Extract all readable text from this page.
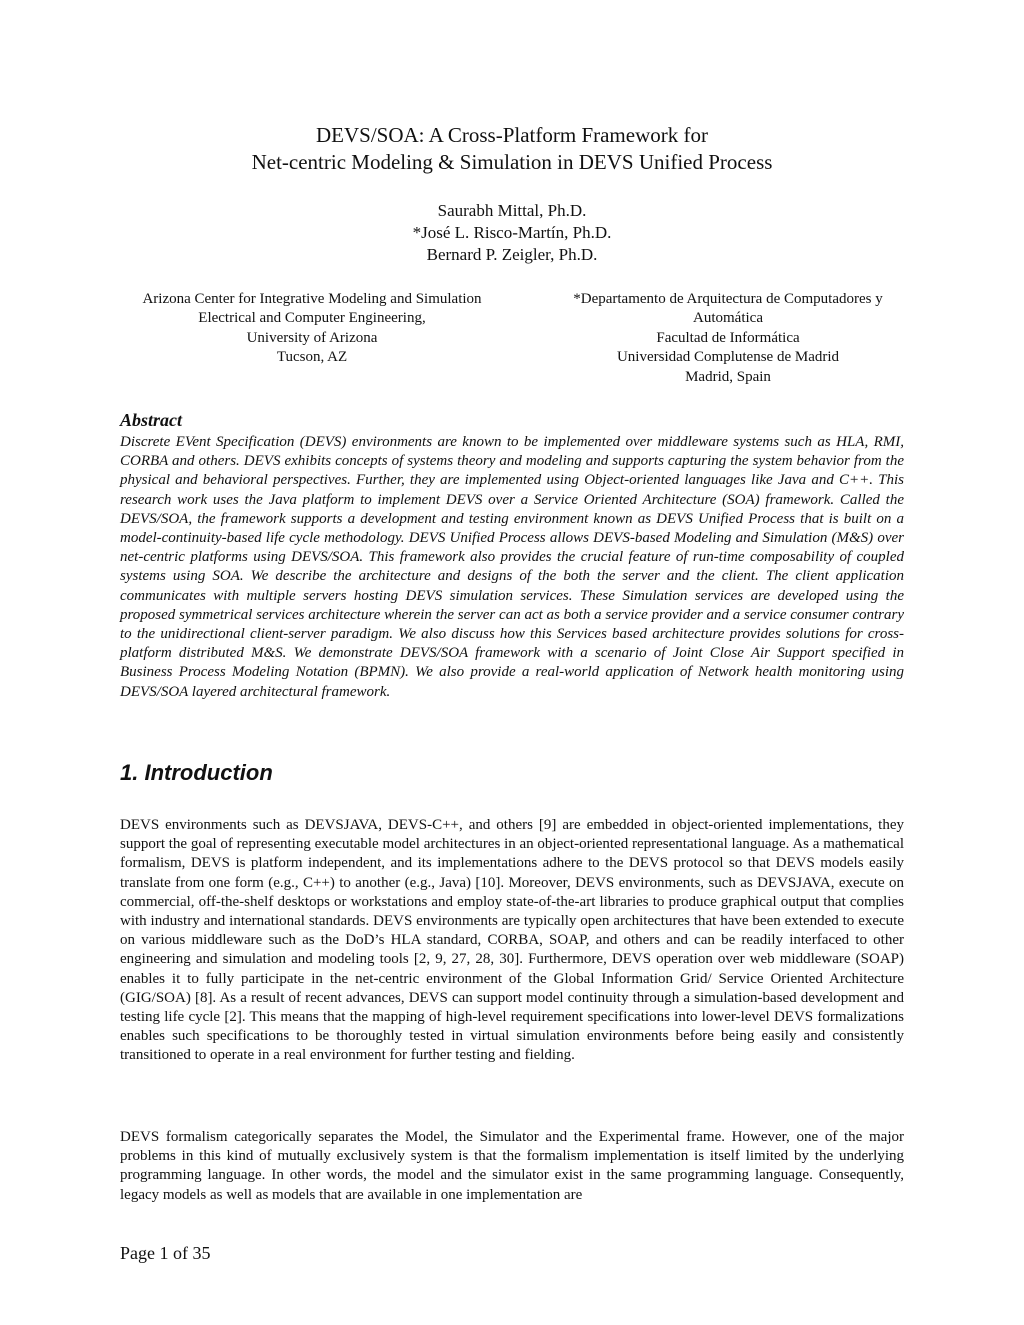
DEVS/SOA: A Cross-Platform Framework for
Net-centric Modeling & Simulation in DEVS Unified Process
Saurabh Mittal, Ph.D.
*José L. Risco-Martín, Ph.D.
Bernard P. Zeigler, Ph.D.
Arizona Center for Integrative Modeling and Simulation
Electrical and Computer Engineering,
University of Arizona
Tucson, AZ
*Departamento de Arquitectura de Computadores y
Automática
Facultad de Informática
Universidad Complutense de Madrid
Madrid, Spain
Abstract
Discrete EVent Specification (DEVS) environments are known to be implemented over middleware systems such as HLA, RMI, CORBA and others. DEVS exhibits concepts of systems theory and modeling and supports capturing the system behavior from the physical and behavioral perspectives. Further, they are implemented using Object-oriented languages like Java and C++. This research work uses the Java platform to implement DEVS over a Service Oriented Architecture (SOA) framework. Called the DEVS/SOA, the framework supports a development and testing environment known as DEVS Unified Process that is built on a model-continuity-based life cycle methodology. DEVS Unified Process allows DEVS-based Modeling and Simulation (M&S) over net-centric platforms using DEVS/SOA. This framework also provides the crucial feature of run-time composability of coupled systems using SOA. We describe the architecture and designs of the both the server and the client. The client application communicates with multiple servers hosting DEVS simulation services. These Simulation services are developed using the proposed symmetrical services architecture wherein the server can act as both a service provider and a service consumer contrary to the unidirectional client-server paradigm. We also discuss how this Services based architecture provides solutions for cross-platform distributed M&S. We demonstrate DEVS/SOA framework with a scenario of Joint Close Air Support specified in Business Process Modeling Notation (BPMN). We also provide a real-world application of Network health monitoring using DEVS/SOA layered architectural framework.
1. Introduction
DEVS environments such as DEVSJAVA, DEVS-C++, and others [9] are embedded in object-oriented implementations, they support the goal of representing executable model architectures in an object-oriented representational language. As a mathematical formalism, DEVS is platform independent, and its implementations adhere to the DEVS protocol so that DEVS models easily translate from one form (e.g., C++) to another (e.g., Java) [10]. Moreover, DEVS environments, such as DEVSJAVA, execute on commercial, off-the-shelf desktops or workstations and employ state-of-the-art libraries to produce graphical output that complies with industry and international standards. DEVS environments are typically open architectures that have been extended to execute on various middleware such as the DoD’s HLA standard, CORBA, SOAP, and others and can be readily interfaced to other engineering and simulation and modeling tools [2, 9, 27, 28, 30]. Furthermore, DEVS operation over web middleware (SOAP) enables it to fully participate in the net-centric environment of the Global Information Grid/ Service Oriented Architecture (GIG/SOA) [8]. As a result of recent advances, DEVS can support model continuity through a simulation-based development and testing life cycle [2]. This means that the mapping of high-level requirement specifications into lower-level DEVS formalizations enables such specifications to be thoroughly tested in virtual simulation environments before being easily and consistently transitioned to operate in a real environment for further testing and fielding.
DEVS formalism categorically separates the Model, the Simulator and the Experimental frame. However, one of the major problems in this kind of mutually exclusively system is that the formalism implementation is itself limited by the underlying programming language. In other words, the model and the simulator exist in the same programming language. Consequently, legacy models as well as models that are available in one implementation are
Page 1 of 35
